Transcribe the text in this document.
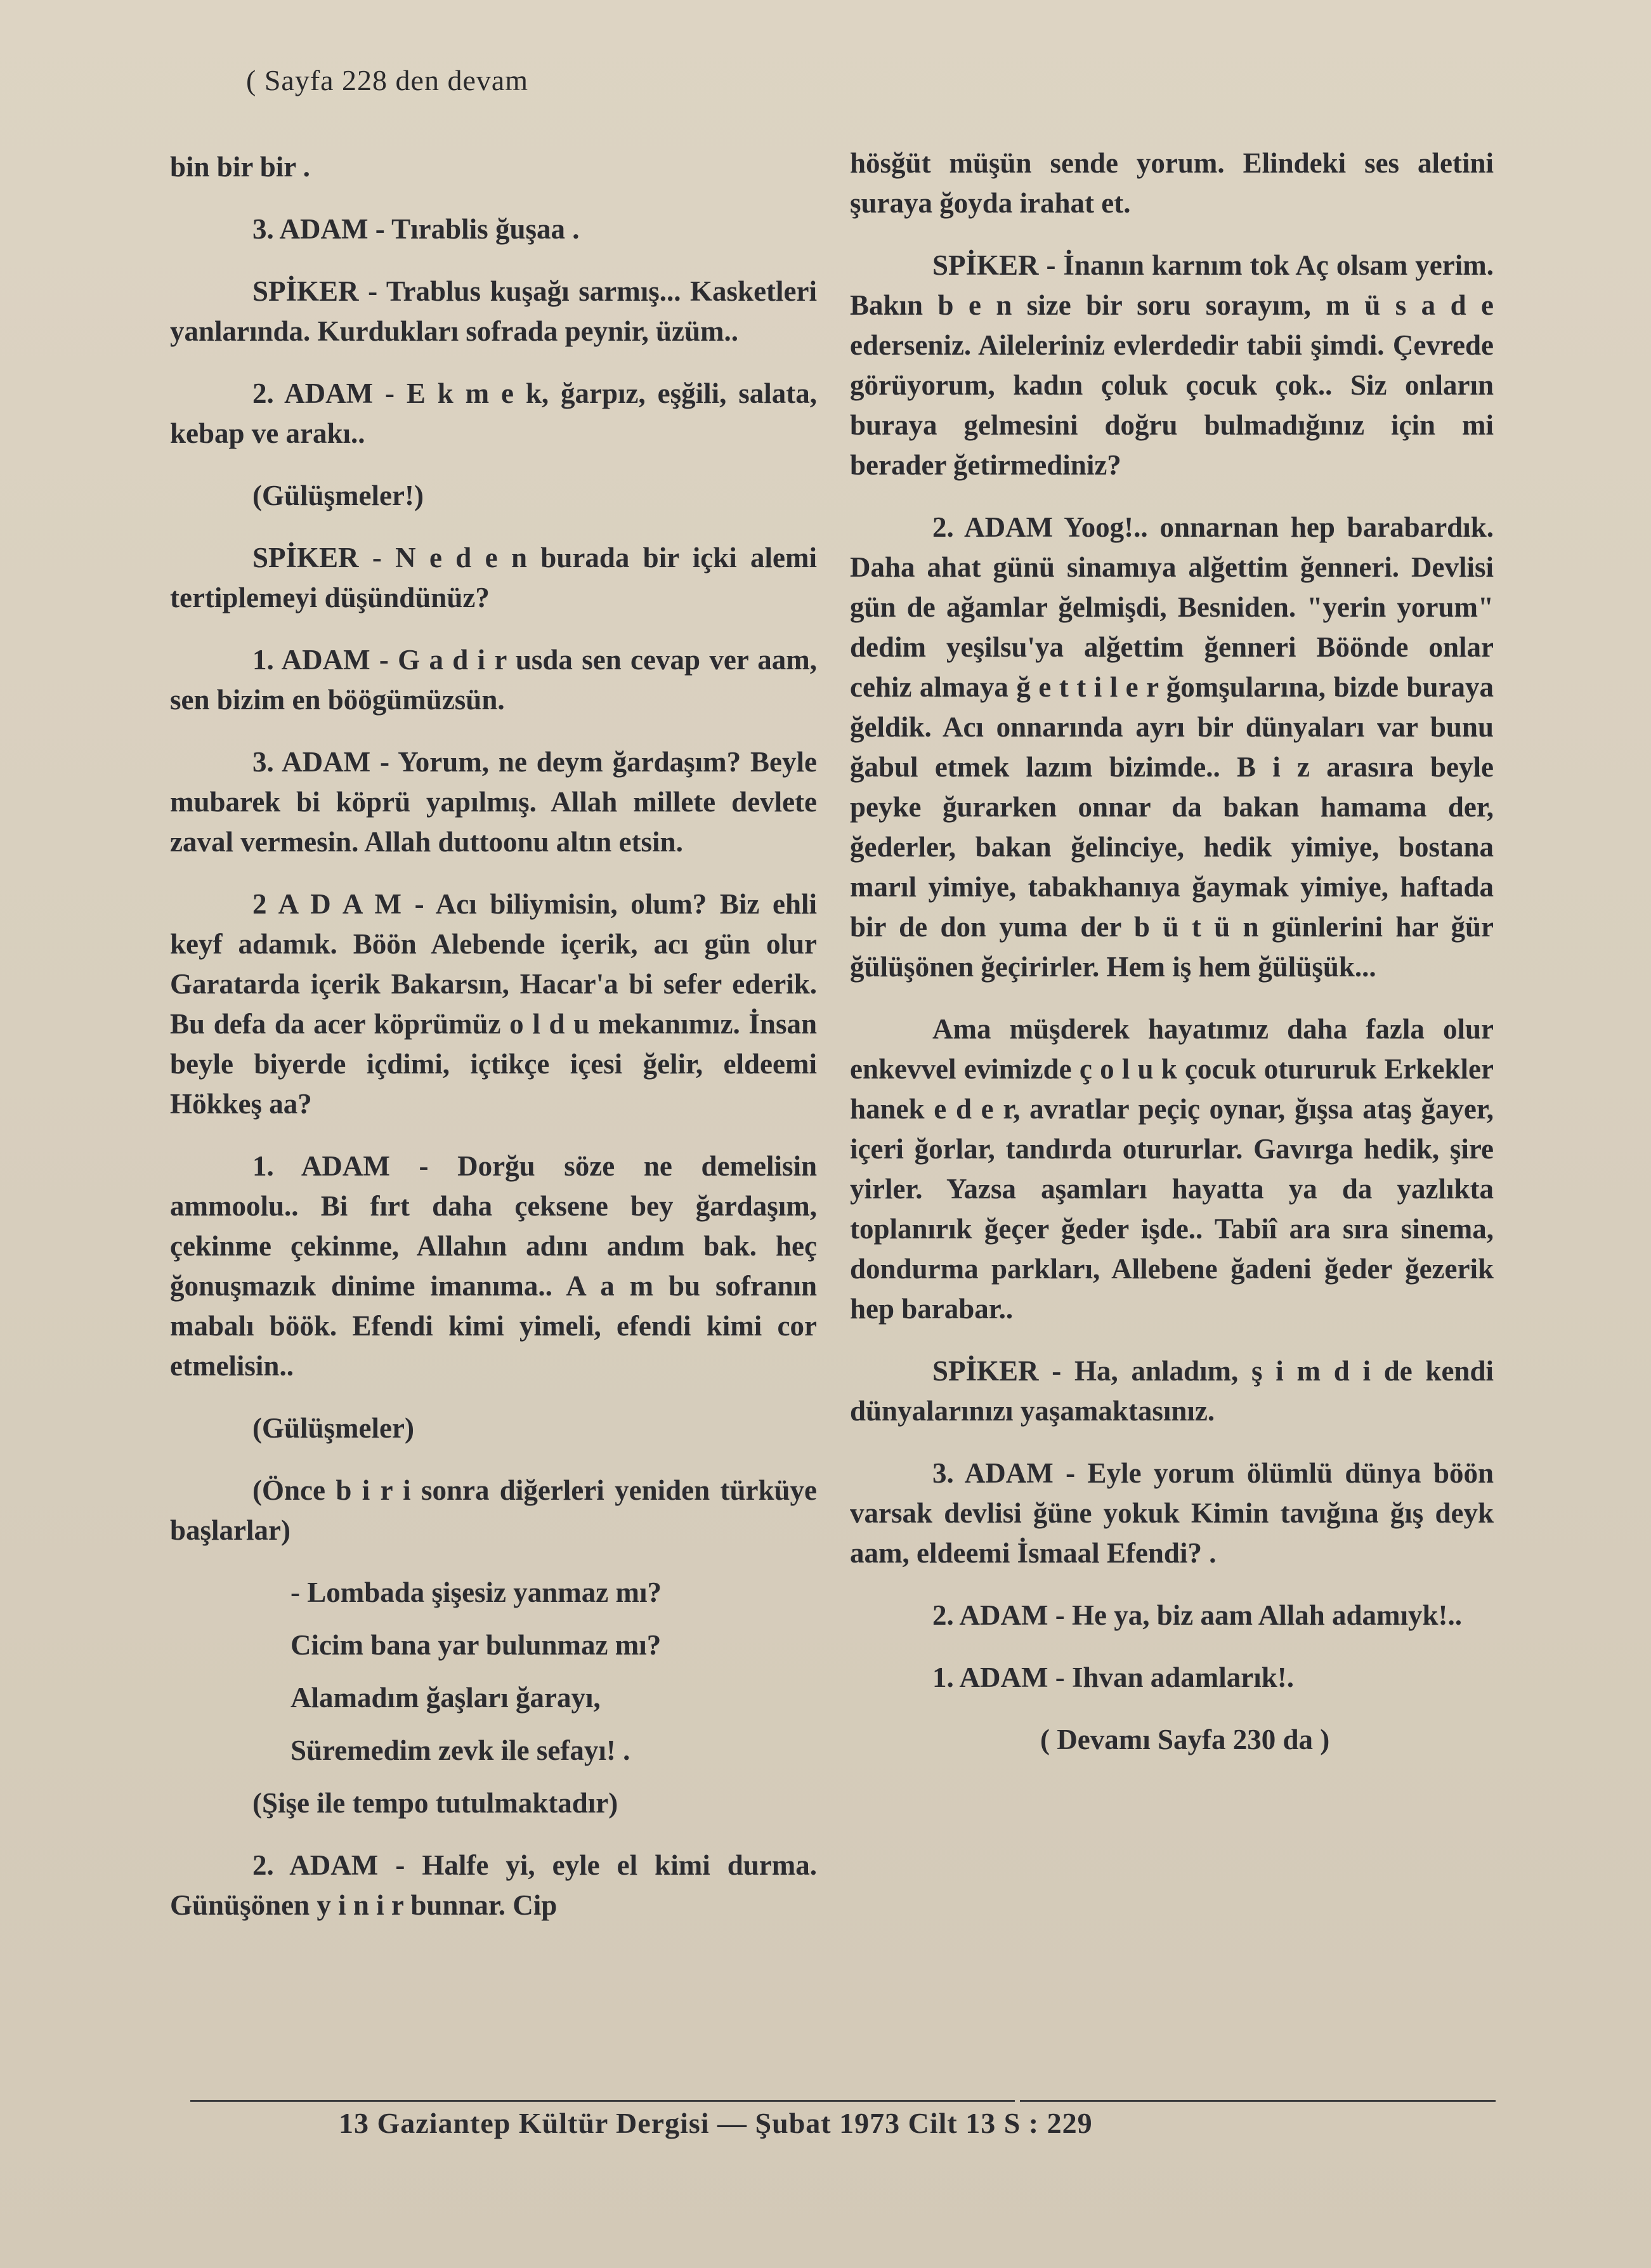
( Sayfa 228 den devam

bin bir bir .

3. ADAM - Tırablis ğuşaa .

SPİKER - Trablus kuşağı sarmış... Kasketleri yanlarında. Kurdukları sofrada peynir, üzüm..

2. ADAM - E k m e k, ğarpız, eşğili, salata, kebap ve arakı..

(Gülüşmeler!)

SPİKER - N e d e n burada bir içki alemi tertiplemeyi düşündünüz?

1. ADAM - G a d i r usda sen cevap ver aam, sen bizim en böögümüzsün.

3. ADAM - Yorum, ne deym ğardaşım? Beyle mubarek bi köprü yapılmış. Allah millete devlete zaval vermesin. Allah duttoonu altın etsin.

2 A D A M - Acı biliymisin, olum? Biz ehli keyf adamık. Böön Alebende içerik, acı gün olur Garatarda içerik Bakarsın, Hacar'a bi sefer ederik. Bu defa da acer köprümüz o l d u mekanımız. İnsan beyle biyerde içdimi, içtikçe içesi ğelir, eldeemi Hökkeş aa?

1. ADAM - Dorğu söze ne demelisin ammoolu.. Bi fırt daha çeksene bey ğardaşım, çekinme çekinme, Allahın adını andım bak. heç ğonuşmazık dinime imanıma.. A a m bu sofranın mabalı böök. Efendi kimi yimeli, efendi kimi cor etmelisin..

(Gülüşmeler)

(Önce b i r i sonra diğerleri yeniden türküye başlarlar)

- Lombada şişesiz yanmaz mı?

Cicim bana yar bulunmaz mı?

Alamadım ğaşları ğarayı,

Süremedim zevk ile sefayı! .

(Şişe ile tempo tutulmaktadır)

2. ADAM - Halfe yi, eyle el kimi durma. Günüşönen y i n i r bunnar. Cip

hösğüt müşün sende yorum. Elindeki ses aletini şuraya ğoyda irahat et.

SPİKER - İnanın karnım tok Aç olsam yerim. Bakın b e n size bir soru sorayım, m ü s a d e ederseniz. Aileleriniz evlerdedir tabii şimdi. Çevrede görüyorum, kadın çoluk çocuk çok.. Siz onların buraya gelmesini doğru bulmadığınız için mi berader ğetirmediniz?

2. ADAM Yoog!.. onnarnan hep barabardık. Daha ahat günü sinamıya alğettim ğenneri. Devlisi gün de ağamlar ğelmişdi, Besniden. "yerin yorum" dedim yeşilsu'ya alğettim ğenneri Böönde onlar cehiz almaya ğ e t t i l e r ğomşularına, bizde buraya ğeldik. Acı onnarında ayrı bir dünyaları var bunu ğabul etmek lazım bizimde.. B i z arasıra beyle peyke ğurarken onnar da bakan hamama der, ğederler, bakan ğelinciye, hedik yimiye, bostana marıl yimiye, tabakhanıya ğaymak yimiye, haftada bir de don yuma der b ü t ü n günlerini har ğür ğülüşönen ğeçirirler. Hem iş hem ğülüşük...

Ama müşderek hayatımız daha fazla olur enkevvel evimizde ç o l u k çocuk otururuk Erkekler hanek e d e r, avratlar peçiç oynar, ğışsa ataş ğayer, içeri ğorlar, tandırda otururlar. Gavırga hedik, şire yirler. Yazsa aşamları hayatta ya da yazlıkta toplanırık ğeçer ğeder işde.. Tabiî ara sıra sinema, dondurma parkları, Allebene ğadeni ğeder ğezerik hep barabar..

SPİKER - Ha, anladım, ş i m d i de kendi dünyalarınızı yaşamaktasınız.

3. ADAM - Eyle yorum ölümlü dünya böön varsak devlisi ğüne yokuk Kimin tavığına ğış deyk aam, eldeemi İsmaal Efendi? .

2. ADAM - He ya, biz aam Allah adamıyk!..

1. ADAM - Ihvan adamlarık!.

( Devamı Sayfa 230 da )

13 Gaziantep Kültür Dergisi — Şubat 1973 Cilt 13 S : 229
